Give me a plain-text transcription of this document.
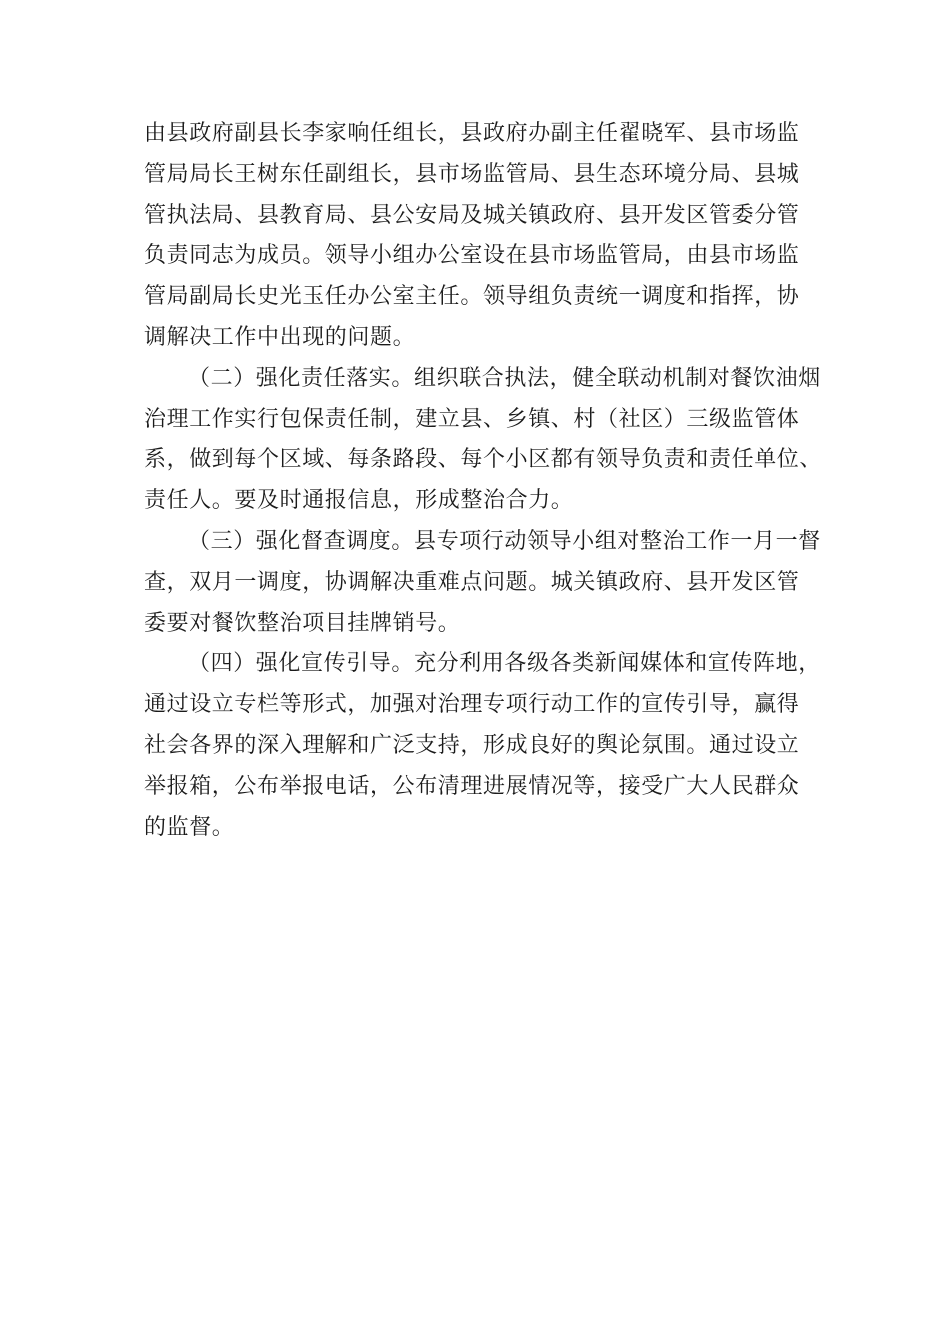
由县政府副县长李家响任组长，县政府办副主任翟晓军、县市场监
管局局长王树东任副组长，县市场监管局、县生态环境分局、县城
管执法局、县教育局、县公安局及城关镇政府、县开发区管委分管
负责同志为成员。领导小组办公室设在县市场监管局，由县市场监
管局副局长史光玉任办公室主任。领导组负责统一调度和指挥，协
调解决工作中出现的问题。

（二）强化责任落实。组织联合执法，健全联动机制对餐饮油烟
治理工作实行包保责任制，建立县、乡镇、村（社区）三级监管体
系，做到每个区域、每条路段、每个小区都有领导负责和责任单位、
责任人。要及时通报信息，形成整治合力。

（三）强化督查调度。县专项行动领导小组对整治工作一月一督
查，双月一调度，协调解决重难点问题。城关镇政府、县开发区管
委要对餐饮整治项目挂牌销号。

（四）强化宣传引导。充分利用各级各类新闻媒体和宣传阵地，
通过设立专栏等形式，加强对治理专项行动工作的宣传引导，赢得
社会各界的深入理解和广泛支持，形成良好的舆论氛围。通过设立
举报箱，公布举报电话，公布清理进展情况等，接受广大人民群众
的监督。
